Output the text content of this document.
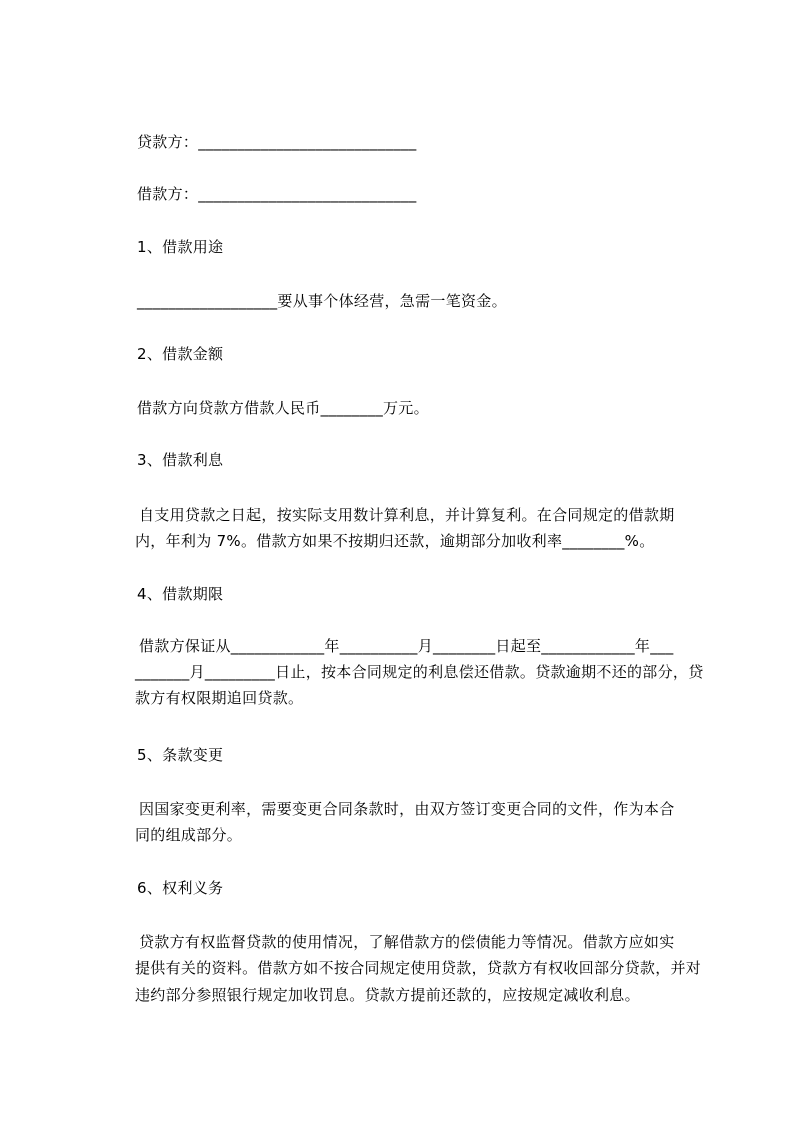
贷款方：____________________________
借款方：____________________________
1、借款用途
__________________要从事个体经营，急需一笔资金。
2、借款金额
借款方向贷款方借款人民币________万元。
3、借款利息
自支用贷款之日起，按实际支用数计算利息，并计算复利。在合同规定的借款期
内，年利为 7%。借款方如果不按期归还款，逾期部分加收利率________%。
4、借款期限
借款方保证从____________年__________月________日起至____________年___
_______月_________日止，按本合同规定的利息偿还借款。贷款逾期不还的部分，贷
款方有权限期追回贷款。
5、条款变更
因国家变更利率，需要变更合同条款时，由双方签订变更合同的文件，作为本合
同的组成部分。
6、权利义务
贷款方有权监督贷款的使用情况，了解借款方的偿债能力等情况。借款方应如实
提供有关的资料。借款方如不按合同规定使用贷款，贷款方有权收回部分贷款，并对
违约部分参照银行规定加收罚息。贷款方提前还款的，应按规定减收利息。
